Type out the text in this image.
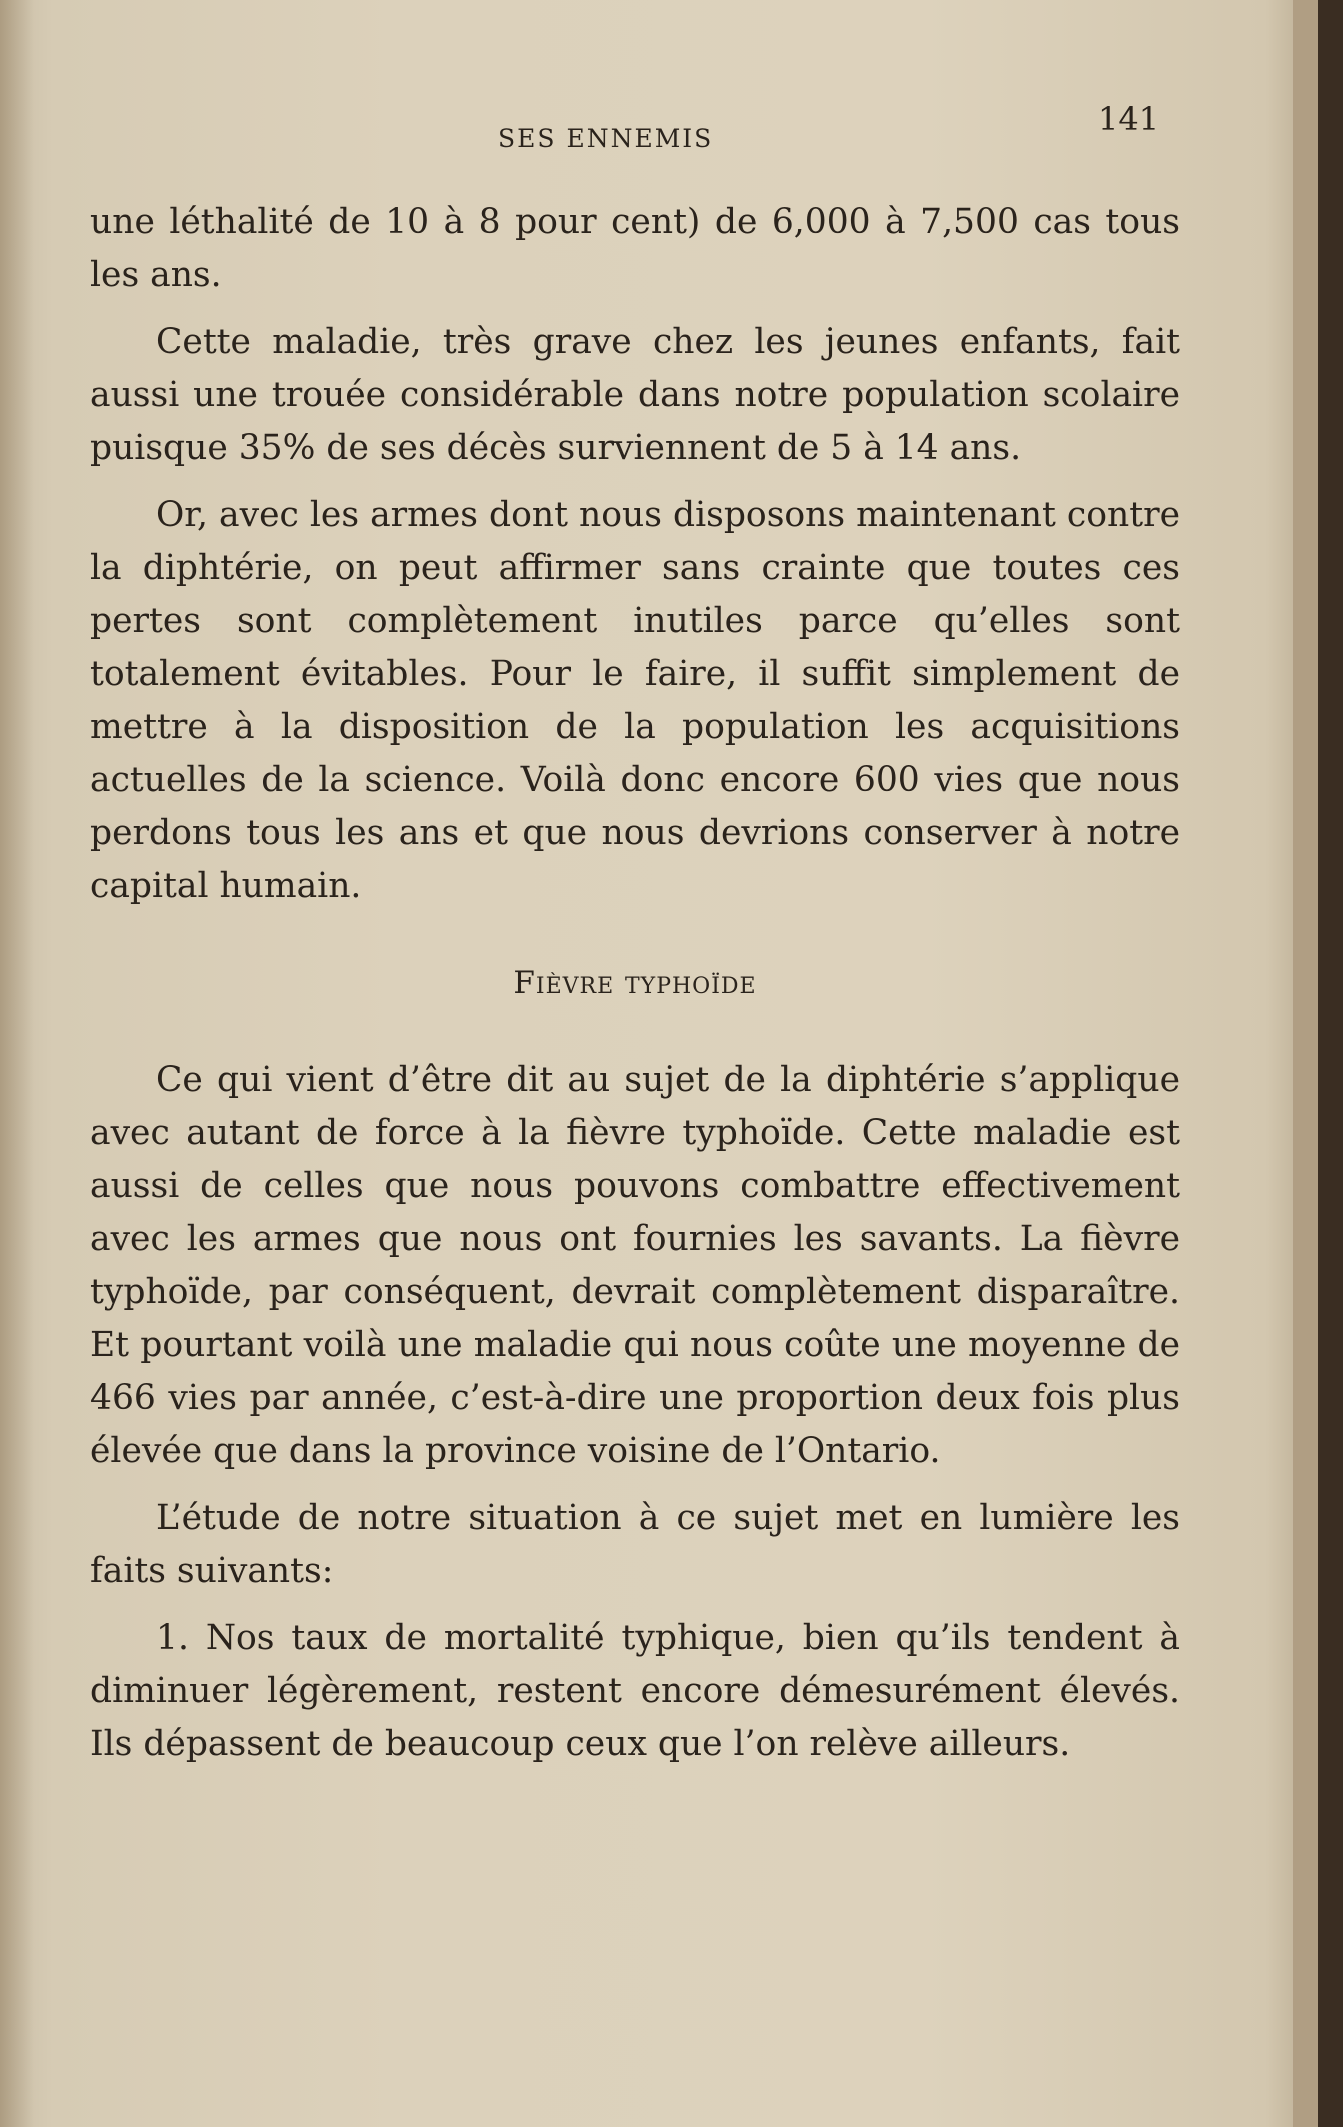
SES ENNEMIS
141

une léthalité de 10 à 8 pour cent) de 6,000 à 7,500 cas tous les ans.

Cette maladie, très grave chez les jeunes enfants, fait aussi une trouée considérable dans notre population scolaire puisque 35% de ses décès surviennent de 5 à 14 ans.

Or, avec les armes dont nous disposons maintenant contre la diphtérie, on peut affirmer sans crainte que toutes ces pertes sont complètement inutiles parce qu’elles sont totalement évitables. Pour le faire, il suffit simplement de mettre à la disposition de la population les acquisitions actuelles de la science. Voilà donc encore 600 vies que nous perdons tous les ans et que nous devrions conserver à notre capital humain.

Fièvre typhoïde

Ce qui vient d’être dit au sujet de la diphtérie s’applique avec autant de force à la fièvre typhoïde. Cette maladie est aussi de celles que nous pouvons combattre effectivement avec les armes que nous ont fournies les savants. La fièvre typhoïde, par conséquent, devrait complètement disparaître. Et pourtant voilà une maladie qui nous coûte une moyenne de 466 vies par année, c’est-à-dire une proportion deux fois plus élevée que dans la province voisine de l’Ontario.

L’étude de notre situation à ce sujet met en lumière les faits suivants:

1. Nos taux de mortalité typhique, bien qu’ils tendent à diminuer légèrement, restent encore démesurément élevés. Ils dépassent de beaucoup ceux que l’on relève ailleurs.
